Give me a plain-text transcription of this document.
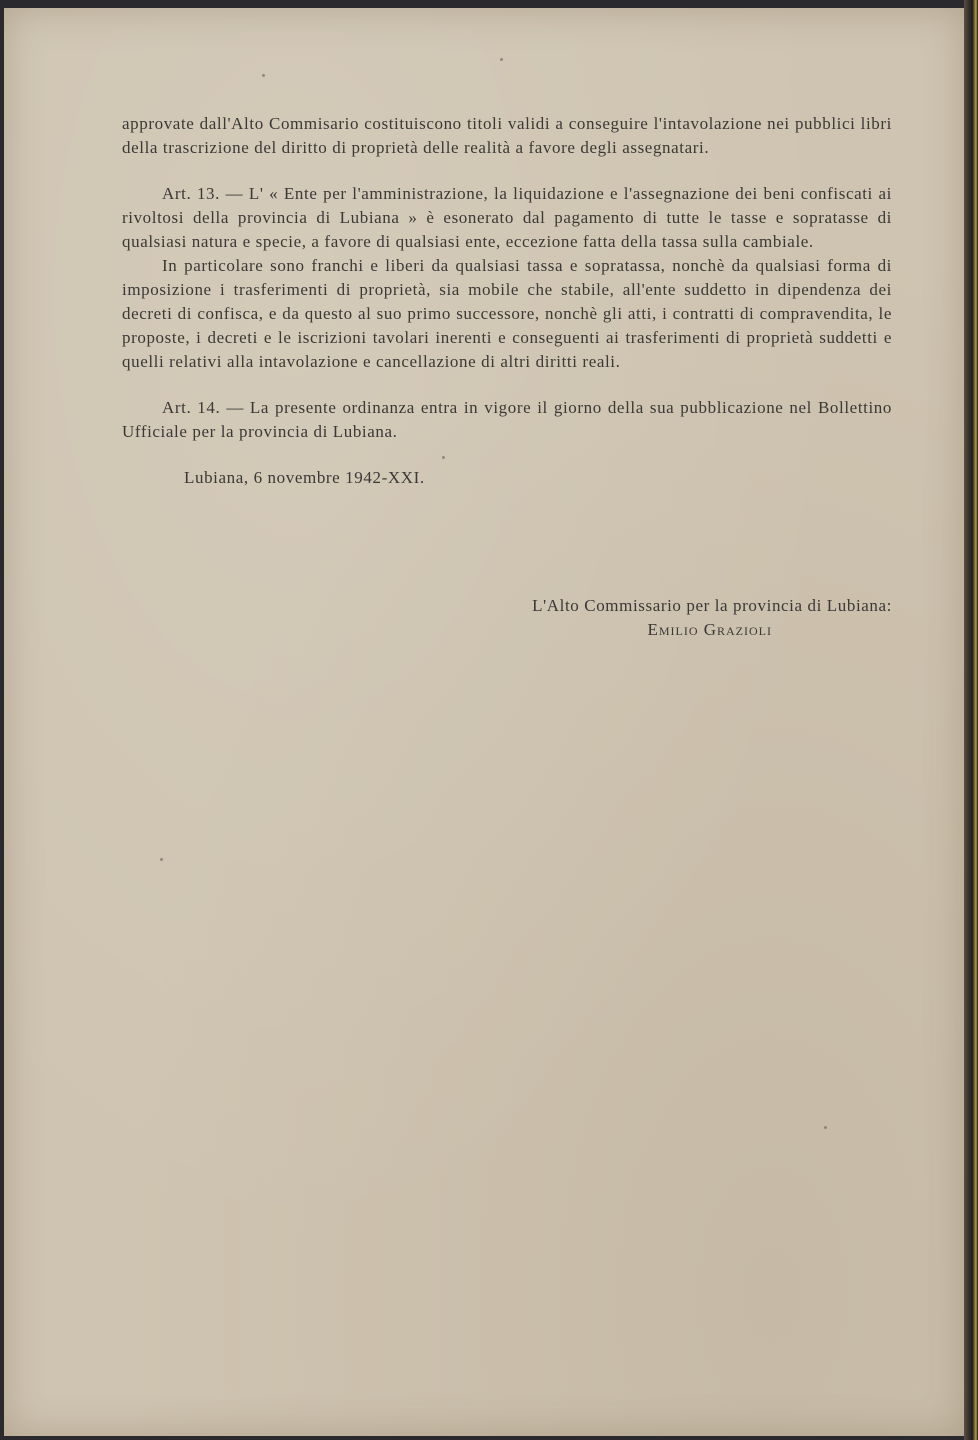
approvate dall'Alto Commisario costituiscono titoli validi a conseguire l'intavolazione nei pubblici libri della trascrizione del diritto di proprietà delle realità a favore degli assegnatari.

Art. 13. — L' « Ente per l'amministrazione, la liquidazione e l'assegnazione dei beni confiscati ai rivoltosi della provincia di Lubiana » è esonerato dal pagamento di tutte le tasse e sopratasse di qualsiasi natura e specie, a favore di qualsiasi ente, eccezione fatta della tassa sulla cambiale.

In particolare sono franchi e liberi da qualsiasi tassa e sopratassa, nonchè da qualsiasi forma di imposizione i trasferimenti di proprietà, sia mobile che stabile, all'ente suddetto in dipendenza dei decreti di confisca, e da questo al suo primo successore, nonchè gli atti, i contratti di compravendita, le proposte, i decreti e le iscrizioni tavolari inerenti e conseguenti ai trasferimenti di proprietà suddetti e quelli relativi alla intavolazione e cancellazione di altri diritti reali.

Art. 14. — La presente ordinanza entra in vigore il giorno della sua pubblicazione nel Bollettino Ufficiale per la provincia di Lubiana.

Lubiana, 6 novembre 1942-XXI.

L'Alto Commissario per la provincia di Lubiana:
Emilio Grazioli
